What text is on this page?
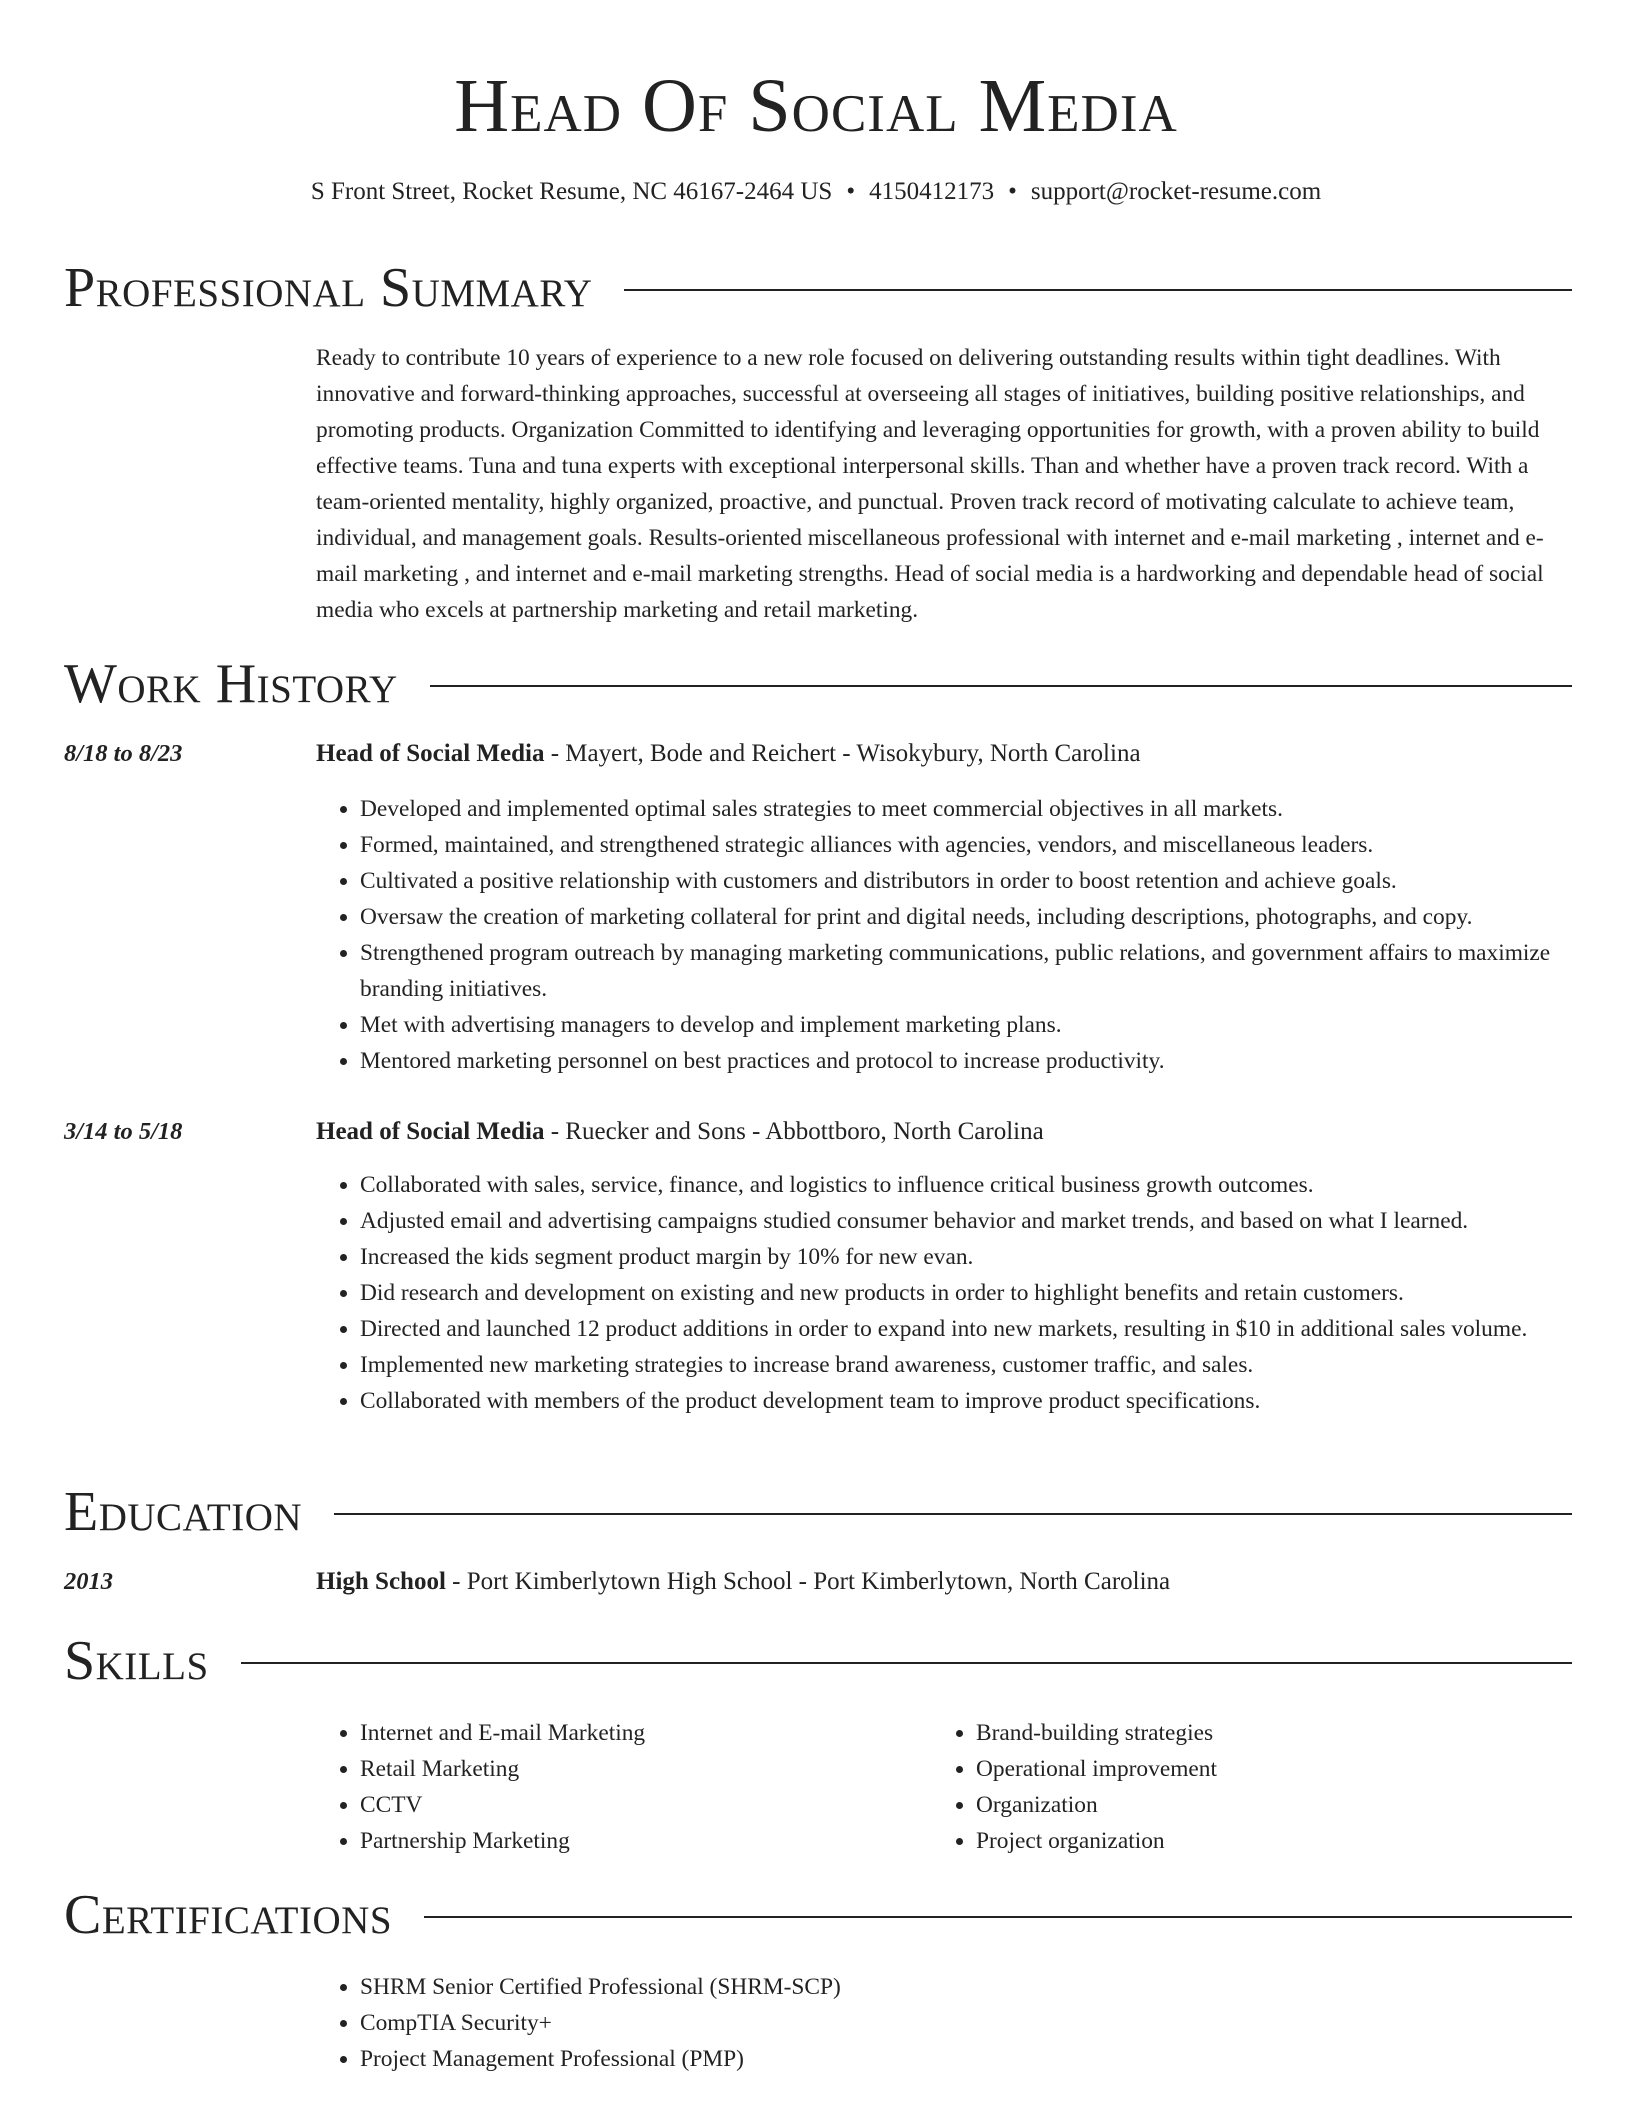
Head Of Social Media
S Front Street, Rocket Resume, NC 46167-2464 US • 4150412173 • support@rocket-resume.com
Professional Summary

Ready to contribute 10 years of experience to a new role focused on delivering outstanding results within tight deadlines. With innovative and forward-thinking approaches, successful at overseeing all stages of initiatives, building positive relationships, and promoting products. Organization Committed to identifying and leveraging opportunities for growth, with a proven ability to build effective teams. Tuna and tuna experts with exceptional interpersonal skills. Than and whether have a proven track record. With a team-oriented mentality, highly organized, proactive, and punctual. Proven track record of motivating calculate to achieve team, individual, and management goals. Results-oriented miscellaneous professional with internet and e-mail marketing , internet and e-mail marketing , and internet and e-mail marketing strengths. Head of social media is a hardworking and dependable head of social media who excels at partnership marketing and retail marketing.

Work History
8/18 to 8/23	Head of Social Media - Mayert, Bode and Reichert - Wisokybury, North Carolina
• Developed and implemented optimal sales strategies to meet commercial objectives in all markets.
• Formed, maintained, and strengthened strategic alliances with agencies, vendors, and miscellaneous leaders.
• Cultivated a positive relationship with customers and distributors in order to boost retention and achieve goals.
• Oversaw the creation of marketing collateral for print and digital needs, including descriptions, photographs, and copy.
• Strengthened program outreach by managing marketing communications, public relations, and government affairs to maximize branding initiatives.
• Met with advertising managers to develop and implement marketing plans.
• Mentored marketing personnel on best practices and protocol to increase productivity.
3/14 to 5/18	Head of Social Media - Ruecker and Sons - Abbottboro, North Carolina
• Collaborated with sales, service, finance, and logistics to influence critical business growth outcomes.
• Adjusted email and advertising campaigns studied consumer behavior and market trends, and based on what I learned.
• Increased the kids segment product margin by 10% for new evan.
• Did research and development on existing and new products in order to highlight benefits and retain customers.
• Directed and launched 12 product additions in order to expand into new markets, resulting in $10 in additional sales volume.
• Implemented new marketing strategies to increase brand awareness, customer traffic, and sales.
• Collaborated with members of the product development team to improve product specifications.
Education
2013	High School - Port Kimberlytown High School - Port Kimberlytown, North Carolina
Skills
• Internet and E-mail Marketing
• Retail Marketing
• CCTV
• Partnership Marketing
• Brand-building strategies
• Operational improvement
• Organization
• Project organization
Certifications
• SHRM Senior Certified Professional (SHRM-SCP)
• CompTIA Security+
• Project Management Professional (PMP)
